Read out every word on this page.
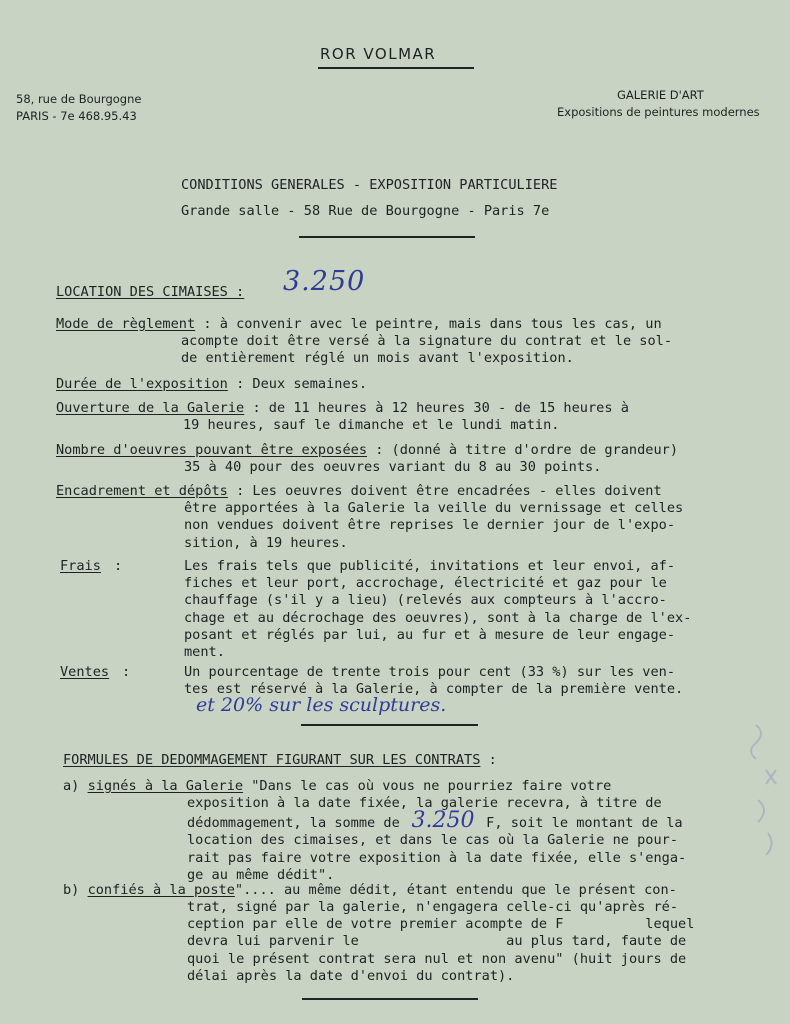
ROR VOLMAR
58, rue de Bourgogne
PARIS - 7e 468.95.43
GALERIE D'ART
Expositions de peintures modernes
CONDITIONS GENERALES - EXPOSITION PARTICULIERE
Grande salle - 58 Rue de Bourgogne - Paris 7e
LOCATION DES CIMAISES : 3.250
Mode de règlement : à convenir avec le peintre, mais dans tous les cas, un
acompte doit être versé à la signature du contrat et le sol-
de entièrement réglé un mois avant l'exposition.
Durée de l'exposition : Deux semaines.
Ouverture de la Galerie : de 11 heures à 12 heures 30 - de 15 heures à
19 heures, sauf le dimanche et le lundi matin.
Nombre d'oeuvres pouvant être exposées : (donné à titre d'ordre de grandeur)
35 à 40 pour des oeuvres variant du 8 au 30 points.
Encadrement et dépôts : Les oeuvres doivent être encadrées - elles doivent
être apportées à la Galerie la veille du vernissage et celles
non vendues doivent être reprises le dernier jour de l'expo-
sition, à 19 heures.
Frais :	Les frais tels que publicité, invitations et leur envoi, af-
fiches et leur port, accrochage, électricité et gaz pour le
chauffage (s'il y a lieu) (relevés aux compteurs à l'accro-
chage et au décrochage des oeuvres), sont à la charge de l'ex-
posant et réglés par lui, au fur et à mesure de leur engage-
ment.
Ventes :	Un pourcentage de trente trois pour cent (33 %) sur les ven-
tes est réservé à la Galerie, à compter de la première vente.
et 20% sur les sculptures.
FORMULES DE DEDOMMAGEMENT FIGURANT SUR LES CONTRATS :
a) signés à la Galerie "Dans le cas où vous ne pourriez faire votre
exposition à la date fixée, la galerie recevra, à titre de
dédommagement, la somme de 3.250 F, soit le montant de la
location des cimaises, et dans le cas où la Galerie ne pour-
rait pas faire votre exposition à la date fixée, elle s'enga-
ge au même dédit".
b) confiés à la poste".... au même dédit, étant entendu que le présent con-
trat, signé par la galerie, n'engagera celle-ci qu'après ré-
ception par elle de votre premier acompte de F          lequel
devra lui parvenir le                  au plus tard, faute de
quoi le présent contrat sera nul et non avenu" (huit jours de
délai après la date d'envoi du contrat).
